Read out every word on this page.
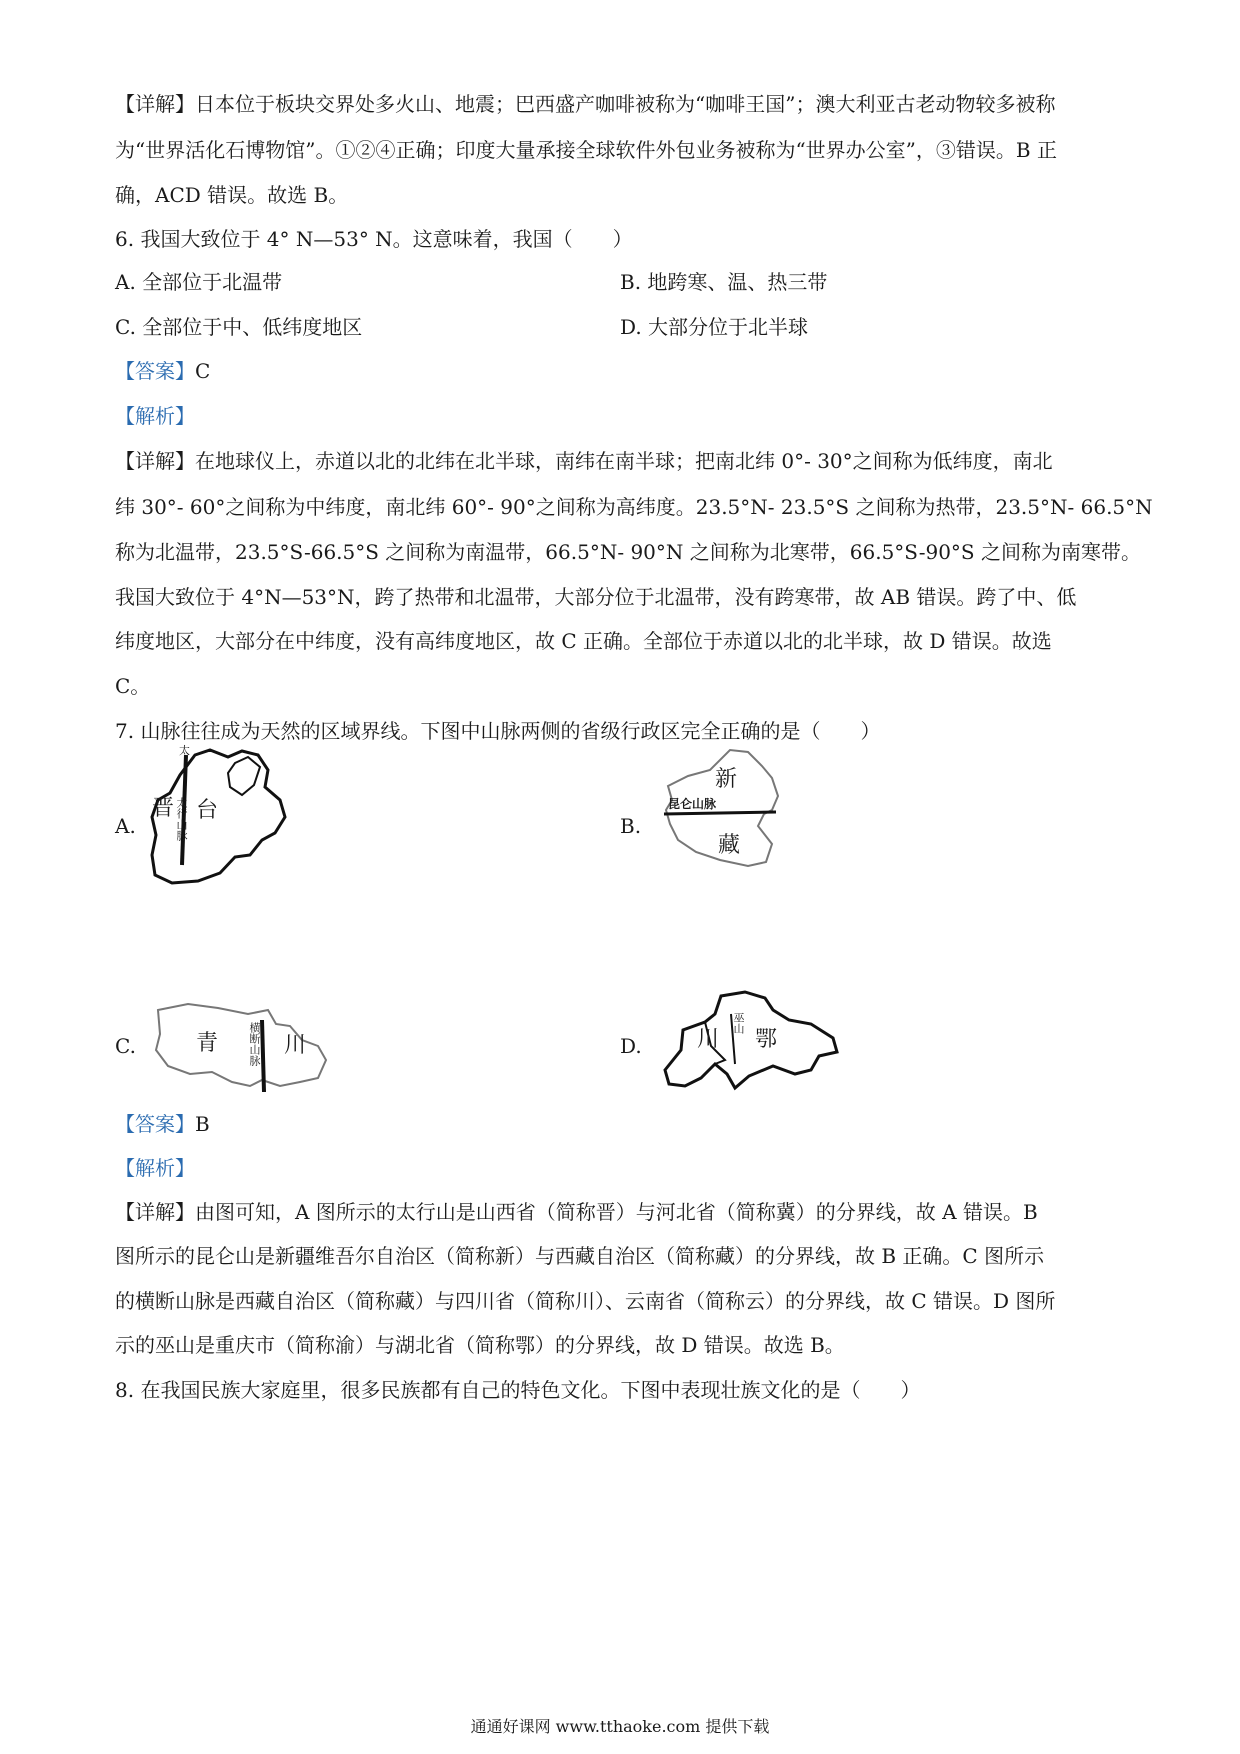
【详解】日本位于板块交界处多火山、地震；巴西盛产咖啡被称为“咖啡王国”；澳大利亚古老动物较多被称
为“世界活化石博物馆”。①②④正确；印度大量承接全球软件外包业务被称为“世界办公室”，③错误。B 正
确，ACD 错误。故选 B。
6. 我国大致位于 4° N—53° N。这意味着，我国（　　）
A. 全部位于北温带	B. 地跨寒、温、热三带
C. 全部位于中、低纬度地区	D. 大部分位于北半球
【答案】C
【解析】
【详解】在地球仪上，赤道以北的北纬在北半球，南纬在南半球；把南北纬 0°- 30°之间称为低纬度，南北
纬 30°- 60°之间称为中纬度，南北纬 60°- 90°之间称为高纬度。23.5°N- 23.5°S 之间称为热带，23.5°N- 66.5°N
称为北温带，23.5°S-66.5°S 之间称为南温带，66.5°N- 90°N 之间称为北寒带，66.5°S-90°S 之间称为南寒带。
我国大致位于 4°N—53°N，跨了热带和北温带，大部分位于北温带，没有跨寒带，故 AB 错误。跨了中、低
纬度地区，大部分在中纬度，没有高纬度地区，故 C 正确。全部位于赤道以北的北半球，故 D 错误。故选
C。
7. 山脉往往成为天然的区域界线。下图中山脉两侧的省级行政区完全正确的是（　　）
A.
晋 台
太
太行山脉	B.
新
藏
昆仑山脉
C.	青	川
横断山脉	D.	川 鄂
巫山
【答案】B
【解析】
【详解】由图可知，A 图所示的太行山是山西省（简称晋）与河北省（简称冀）的分界线，故 A 错误。B
图所示的昆仑山是新疆维吾尔自治区（简称新）与西藏自治区（简称藏）的分界线，故 B 正确。C 图所示
的横断山脉是西藏自治区（简称藏）与四川省（简称川）、云南省（简称云）的分界线，故 C 错误。D 图所
示的巫山是重庆市（简称渝）与湖北省（简称鄂）的分界线，故 D 错误。故选 B。
8. 在我国民族大家庭里，很多民族都有自己的特色文化。下图中表现壮族文化的是（　　）
通通好课网 www.tthaoke.com 提供下载
